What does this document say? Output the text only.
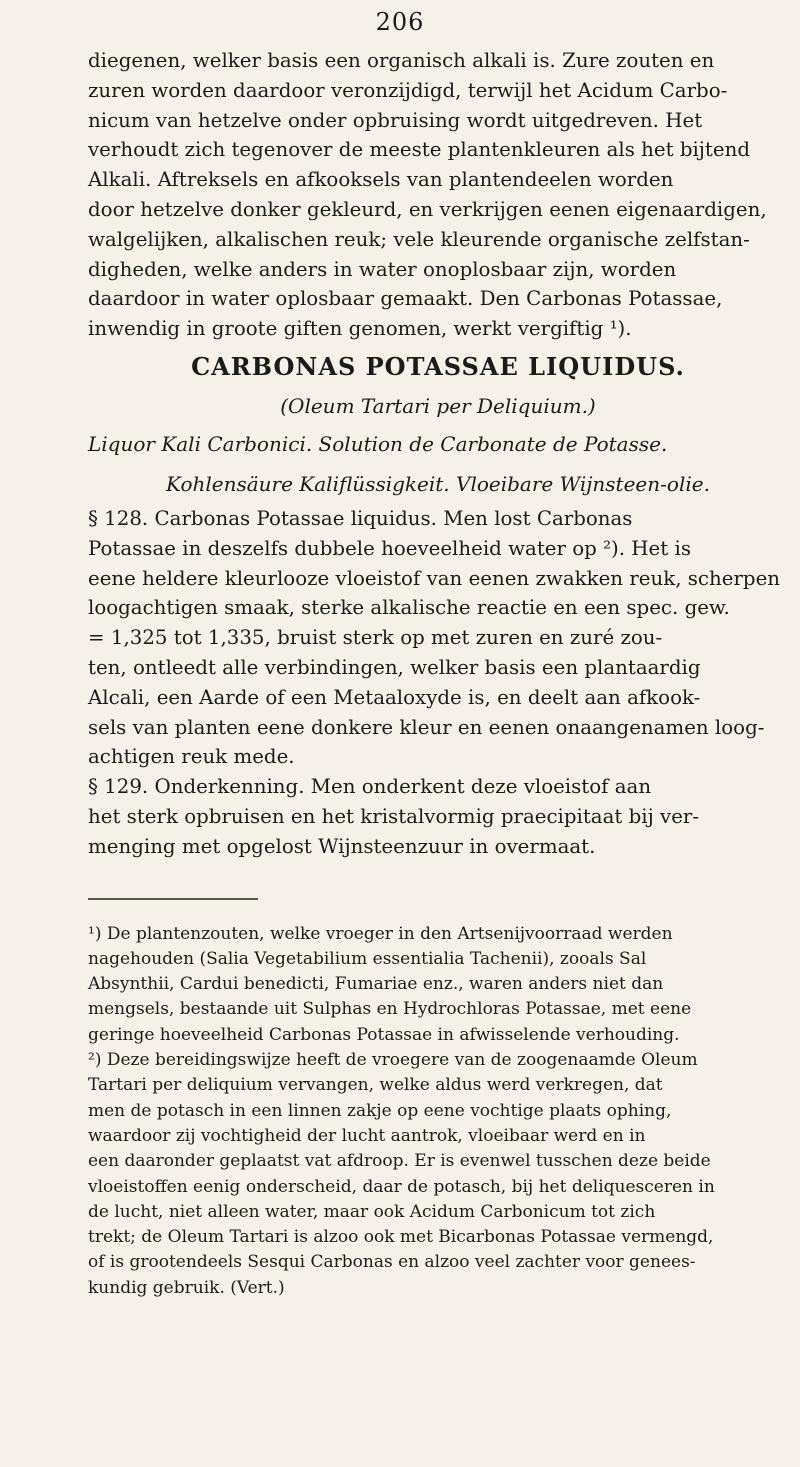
206
diegenen, welker basis een organisch alkali is. Zure zouten en
zuren worden daardoor veronzijdigd, terwijl het Acidum Carbo-
nicum van hetzelve onder opbruising wordt uitgedreven. Het
verhoudt zich tegenover de meeste plantenkleuren als het bijtend
Alkali. Aftreksels en afkooksels van plantendeelen worden
door hetzelve donker gekleurd, en verkrijgen eenen eigenaardigen,
walgelijken, alkalischen reuk; vele kleurende organische zelfstan-
digheden, welke anders in water onoplosbaar zijn, worden
daardoor in water oplosbaar gemaakt. Den Carbonas Potassae,
inwendig in groote giften genomen, werkt vergiftig ¹).
CARBONAS POTASSAE LIQUIDUS.
(Oleum Tartari per Deliquium.)
Liquor Kali Carbonici. Solution de Carbonate de Potasse.
Kohlensäure Kaliflüssigkeit. Vloeibare Wijnsteen-olie.
§ 128. Carbonas Potassae liquidus. Men lost Carbonas
Potassae in deszelfs dubbele hoeveelheid water op ²). Het is
eene heldere kleurlooze vloeistof van eenen zwakken reuk, scherpen
loogachtigen smaak, sterke alkalische reactie en een spec. gew.
= 1,325 tot 1,335, bruist sterk op met zuren en zuré zou-
ten, ontleedt alle verbindingen, welker basis een plantaardig
Alcali, een Aarde of een Metaaloxyde is, en deelt aan afkook-
sels van planten eene donkere kleur en eenen onaangenamen loog-
achtigen reuk mede.
§ 129. Onderkenning. Men onderkent deze vloeistof aan
het sterk opbruisen en het kristalvormig praecipitaat bij ver-
menging met opgelost Wijnsteenzuur in overmaat.
¹) De plantenzouten, welke vroeger in den Artsenijvoorraad werden
nagehouden (Salia Vegetabilium essentialia Tachenii), zooals Sal
Absynthii, Cardui benedicti, Fumariae enz., waren anders niet dan
mengsels, bestaande uit Sulphas en Hydrochloras Potassae, met eene
geringe hoeveelheid Carbonas Potassae in afwisselende verhouding.
²) Deze bereidingswijze heeft de vroegere van de zoogenaamde Oleum
Tartari per deliquium vervangen, welke aldus werd verkregen, dat
men de potasch in een linnen zakje op eene vochtige plaats ophing,
waardoor zij vochtigheid der lucht aantrok, vloeibaar werd en in
een daaronder geplaatst vat afdroop. Er is evenwel tusschen deze beide
vloeistoffen eenig onderscheid, daar de potasch, bij het deliquesceren in
de lucht, niet alleen water, maar ook Acidum Carbonicum tot zich
trekt; de Oleum Tartari is alzoo ook met Bicarbonas Potassae vermengd,
of is grootendeels Sesqui Carbonas en alzoo veel zachter voor genees-
kundig gebruik. (Vert.)
